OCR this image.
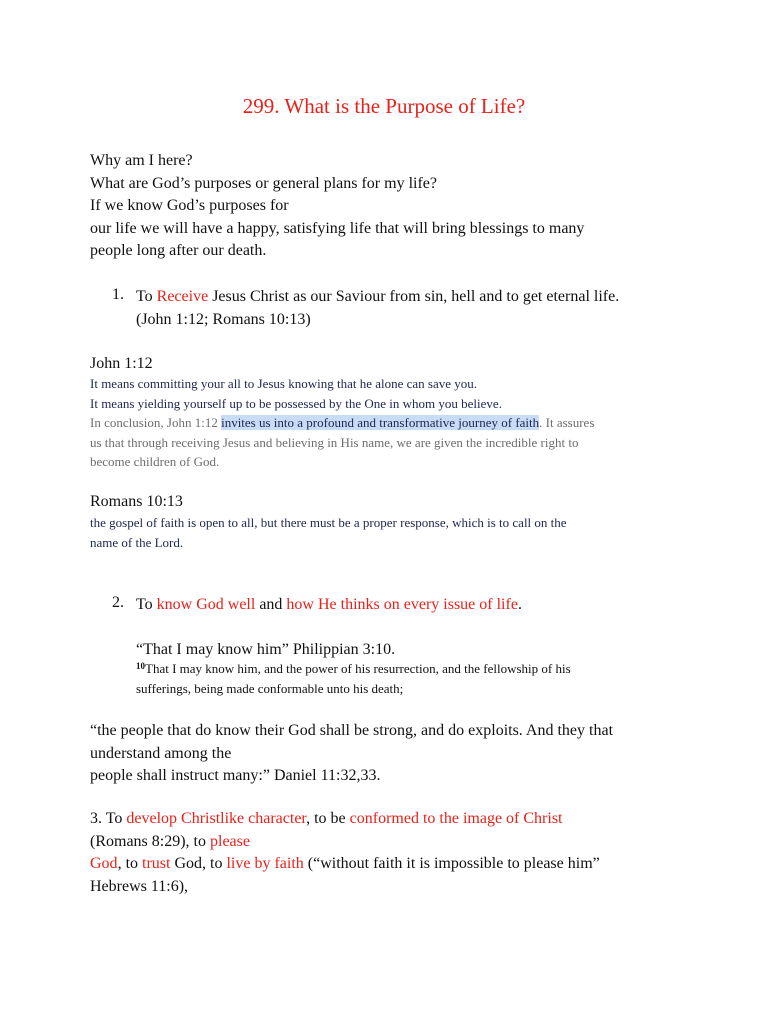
299. What is the Purpose of Life?
Why am I here?
What are God’s purposes or general plans for my life?
If we know God’s purposes for
our life we will have a happy, satisfying life that will bring blessings to many
people long after our death.
1. To Receive Jesus Christ as our Saviour from sin, hell and to get eternal life.
(John 1:12; Romans 10:13)
John 1:12
It means committing your all to Jesus knowing that he alone can save you.
It means yielding yourself up to be possessed by the One in whom you believe.
In conclusion, John 1:12 invites us into a profound and transformative journey of faith. It assures
us that through receiving Jesus and believing in His name, we are given the incredible right to
become children of God.
Romans 10:13
the gospel of faith is open to all, but there must be a proper response, which is to call on the
name of the Lord.
2. To know God well and how He thinks on every issue of life.
“That I may know him” Philippian 3:10.
$^{10}$That I may know him, and the power of his resurrection, and the fellowship of his
sufferings, being made conformable unto his death;
“the people that do know their God shall be strong, and do exploits. And they that
understand among the
people shall instruct many:” Daniel 11:32,33.
3. To develop Christlike character, to be conformed to the image of Christ
(Romans 8:29), to please
God, to trust God, to live by faith (“without faith it is impossible to please him”
Hebrews 11:6),
